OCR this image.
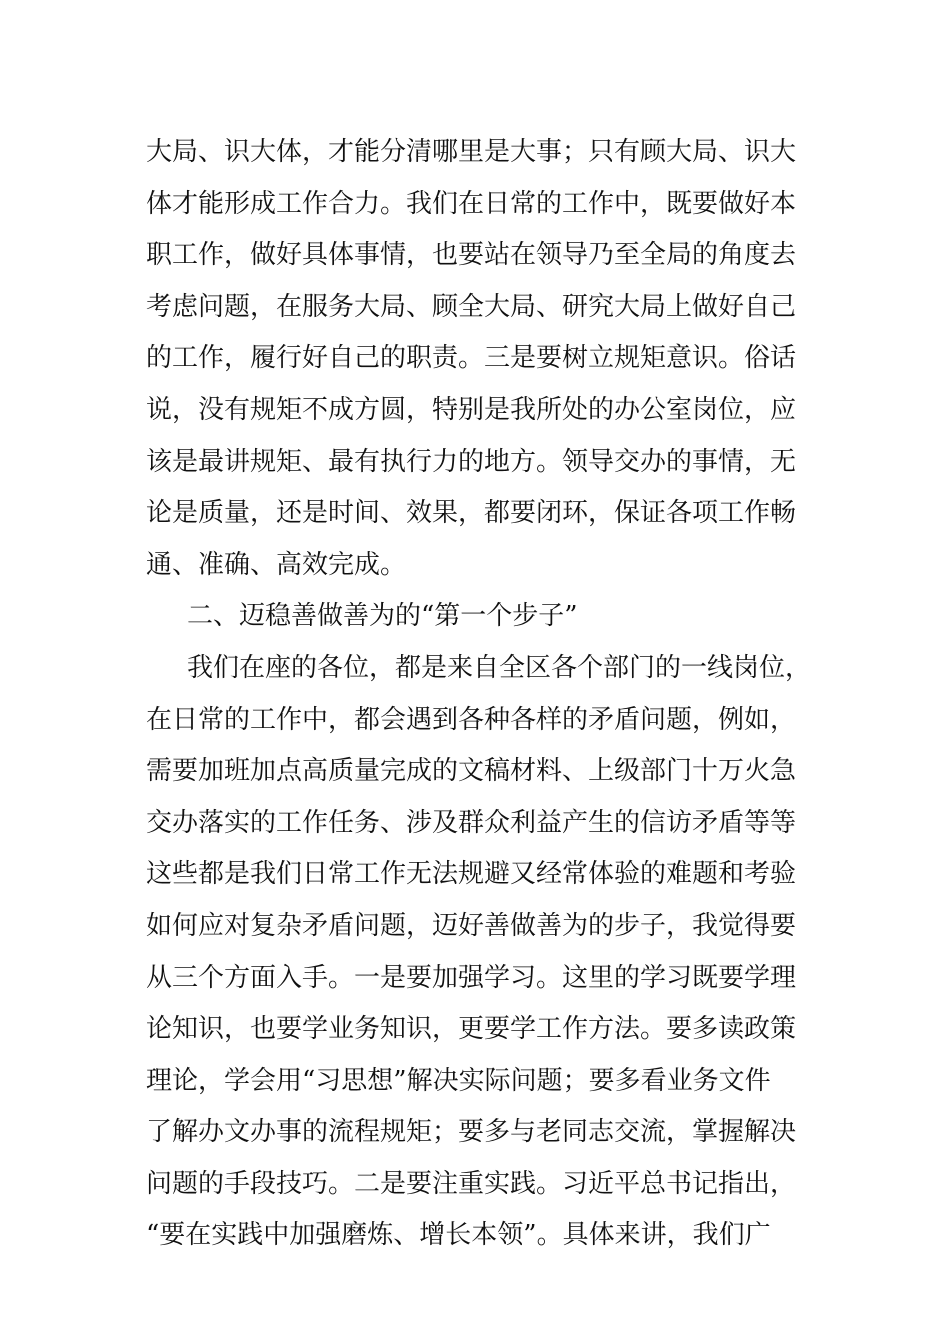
大局、识大体，才能分清哪里是大事；只有顾大局、识大
体才能形成工作合力。我们在日常的工作中，既要做好本
职工作，做好具体事情，也要站在领导乃至全局的角度去
考虑问题，在服务大局、顾全大局、研究大局上做好自己
的工作，履行好自己的职责。三是要树立规矩意识。俗话
说，没有规矩不成方圆，特别是我所处的办公室岗位，应
该是最讲规矩、最有执行力的地方。领导交办的事情，无
论是质量，还是时间、效果，都要闭环，保证各项工作畅
通、准确、高效完成。
二、迈稳善做善为的“第一个步子”
我们在座的各位，都是来自全区各个部门的一线岗位，
在日常的工作中，都会遇到各种各样的矛盾问题，例如，
需要加班加点高质量完成的文稿材料、上级部门十万火急
交办落实的工作任务、涉及群众利益产生的信访矛盾等等
这些都是我们日常工作无法规避又经常体验的难题和考验
如何应对复杂矛盾问题，迈好善做善为的步子，我觉得要
从三个方面入手。一是要加强学习。这里的学习既要学理
论知识，也要学业务知识，更要学工作方法。要多读政策
理论，学会用“习思想”解决实际问题；要多看业务文件
了解办文办事的流程规矩；要多与老同志交流，掌握解决
问题的手段技巧。二是要注重实践。习近平总书记指出，
“要在实践中加强磨炼、增长本领”。具体来讲，我们广
